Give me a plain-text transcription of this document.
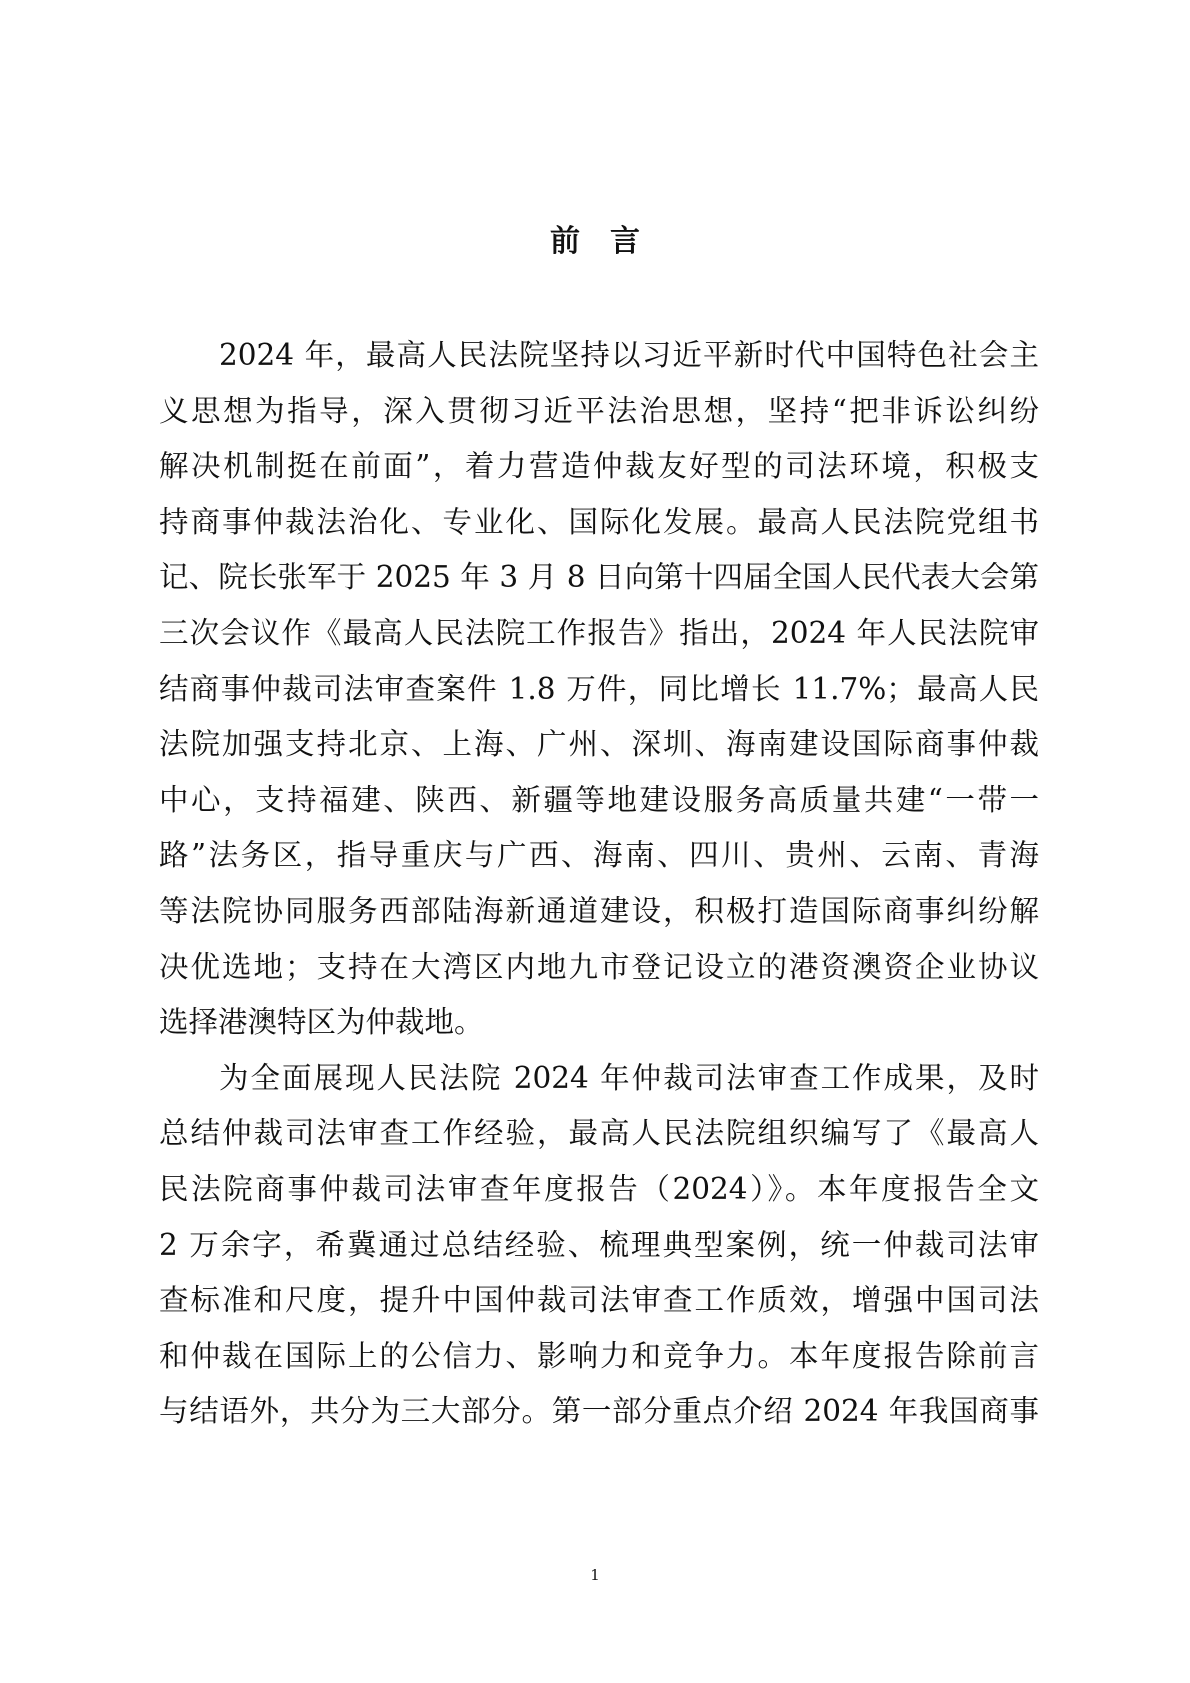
前言
2024 年，最高人民法院坚持以习近平新时代中国特色社会主
义思想为指导，深入贯彻习近平法治思想，坚持“把非诉讼纠纷
解决机制挺在前面”，着力营造仲裁友好型的司法环境，积极支
持商事仲裁法治化、专业化、国际化发展。最高人民法院党组书
记、院长张军于 2025 年 3 月 8 日向第十四届全国人民代表大会第
三次会议作《最高人民法院工作报告》指出，2024 年人民法院审
结商事仲裁司法审查案件 1.8 万件，同比增长 11.7%；最高人民
法院加强支持北京、上海、广州、深圳、海南建设国际商事仲裁
中心，支持福建、陕西、新疆等地建设服务高质量共建“一带一
路”法务区，指导重庆与广西、海南、四川、贵州、云南、青海
等法院协同服务西部陆海新通道建设，积极打造国际商事纠纷解
决优选地；支持在大湾区内地九市登记设立的港资澳资企业协议
选择港澳特区为仲裁地。
为全面展现人民法院 2024 年仲裁司法审查工作成果，及时
总结仲裁司法审查工作经验，最高人民法院组织编写了《最高人
民法院商事仲裁司法审查年度报告（2024）》。本年度报告全文
2 万余字，希冀通过总结经验、梳理典型案例，统一仲裁司法审
查标准和尺度，提升中国仲裁司法审查工作质效，增强中国司法
和仲裁在国际上的公信力、影响力和竞争力。本年度报告除前言
与结语外，共分为三大部分。第一部分重点介绍 2024 年我国商事
1
